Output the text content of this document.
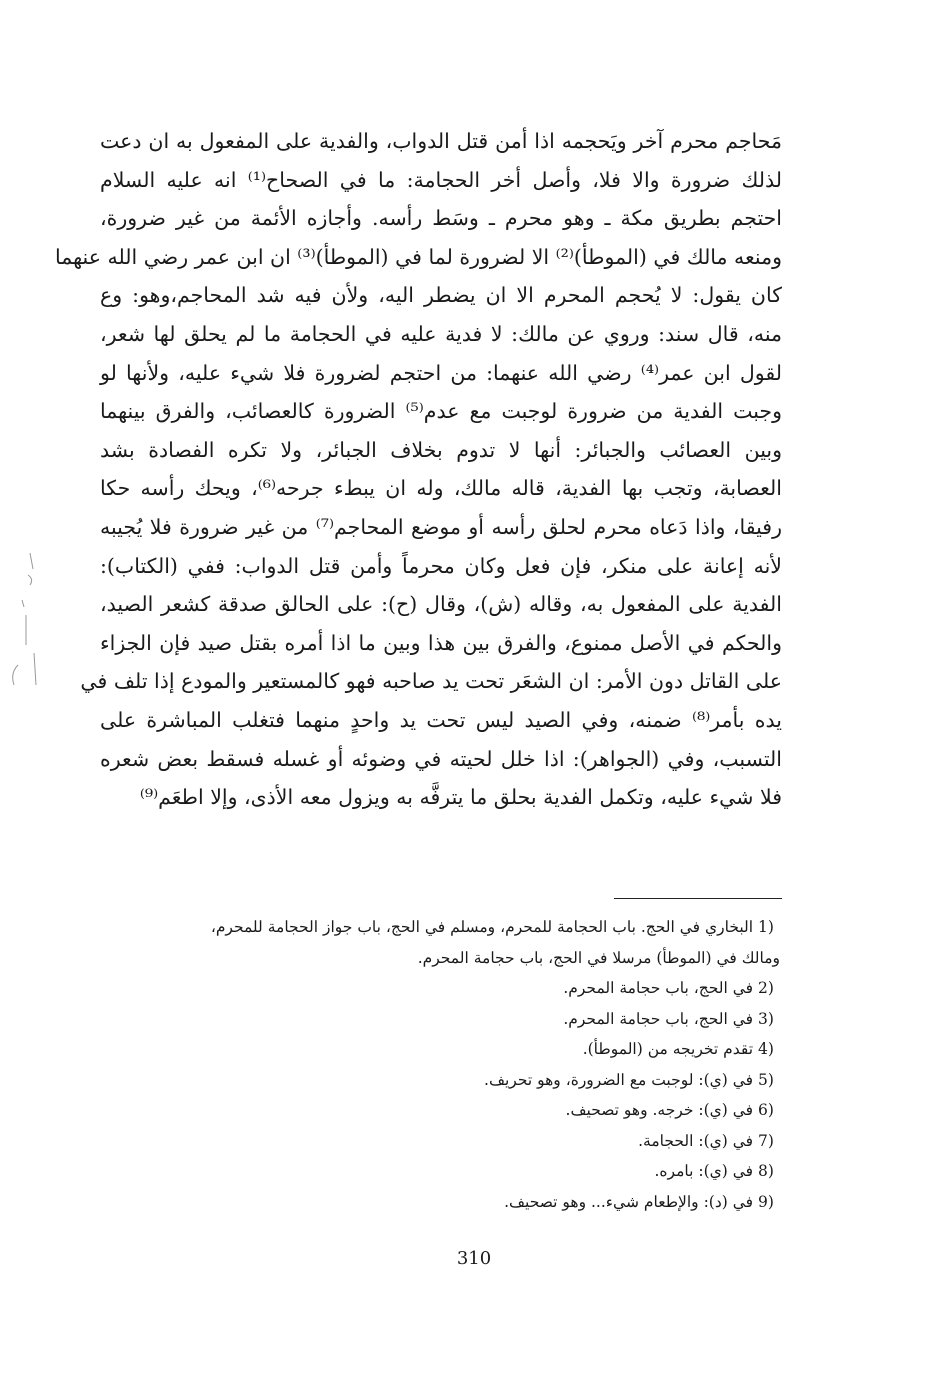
مَحاجم محرم آخر ويَحجمه اذا أمن قتل الدواب، والفدية على المفعول به ان دعت
لذلك ضرورة والا فلا، وأصل أخر الحجامة: ما في الصحاح⁽¹⁾ انه عليه السلام
احتجم بطريق مكة ـ وهو محرم ـ وسَط رأسه. وأجازه الأئمة من غير ضرورة،
ومنعه مالك في (الموطأ)⁽²⁾ الا لضرورة لما في (الموطأ)⁽³⁾ ان ابن عمر رضي الله عنهما
كان يقول: لا يُحجم المحرم الا ان يضطر اليه، ولأن فيه شد المحاجم،وهو: وع
منه، قال سند: وروي عن مالك: لا فدية عليه في الحجامة ما لم يحلق لها شعر،
لقول ابن عمر⁽⁴⁾ رضي الله عنهما: من احتجم لضرورة فلا شيء عليه، ولأنها لو
وجبت الفدية من ضرورة لوجبت مع عدم⁽⁵⁾ الضرورة كالعصائب، والفرق بينهما
وبين العصائب والجبائر: أنها لا تدوم بخلاف الجبائر، ولا تكره الفصادة بشد
العصابة، وتجب بها الفدية، قاله مالك، وله ان يبطء جرحه⁽⁶⁾، ويحك رأسه حكا
رفيقا، واذا دَعاه محرم لحلق رأسه أو موضع المحاجم⁽⁷⁾ من غير ضرورة فلا يُجيبه
لأنه إعانة على منكر، فإن فعل وكان محرماً وأمن قتل الدواب: ففي (الكتاب):
الفدية على المفعول به، وقاله (ش)، وقال (ح): على الحالق صدقة كشعر الصيد،
والحكم في الأصل ممنوع، والفرق بين هذا وبين ما اذا أمره بقتل صيد فإن الجزاء
على القاتل دون الأمر: ان الشعَر تحت يد صاحبه فهو كالمستعير والمودع إذا تلف في
يده بأمر⁽⁸⁾ ضمنه، وفي الصيد ليس تحت يد واحدٍ منهما فتغلب المباشرة على
التسبب، وفي (الجواهر): اذا خلل لحيته في وضوئه أو غسله فسقط بعض شعره
فلا شيء عليه، وتكمل الفدية بحلق ما يترفَّه به ويزول معه الأذى، وإلا اطعَم⁽⁹⁾
1) البخاري في الحج. باب الحجامة للمحرم، ومسلم في الحج، باب جواز الحجامة للمحرم،
ومالك في (الموطأ) مرسلا في الحج، باب حجامة المحرم.
2) في الحج، باب حجامة المحرم.
3) في الحج، باب حجامة المحرم.
4) تقدم تخريجه من (الموطأ).
5) في (ي): لوجبت مع الضرورة، وهو تحريف.
6) في (ي): خرجه. وهو تصحيف.
7) في (ي): الحجامة.
8) في (ي): بامره.
9) في (د): والإطعام شيء... وهو تصحيف.
310
